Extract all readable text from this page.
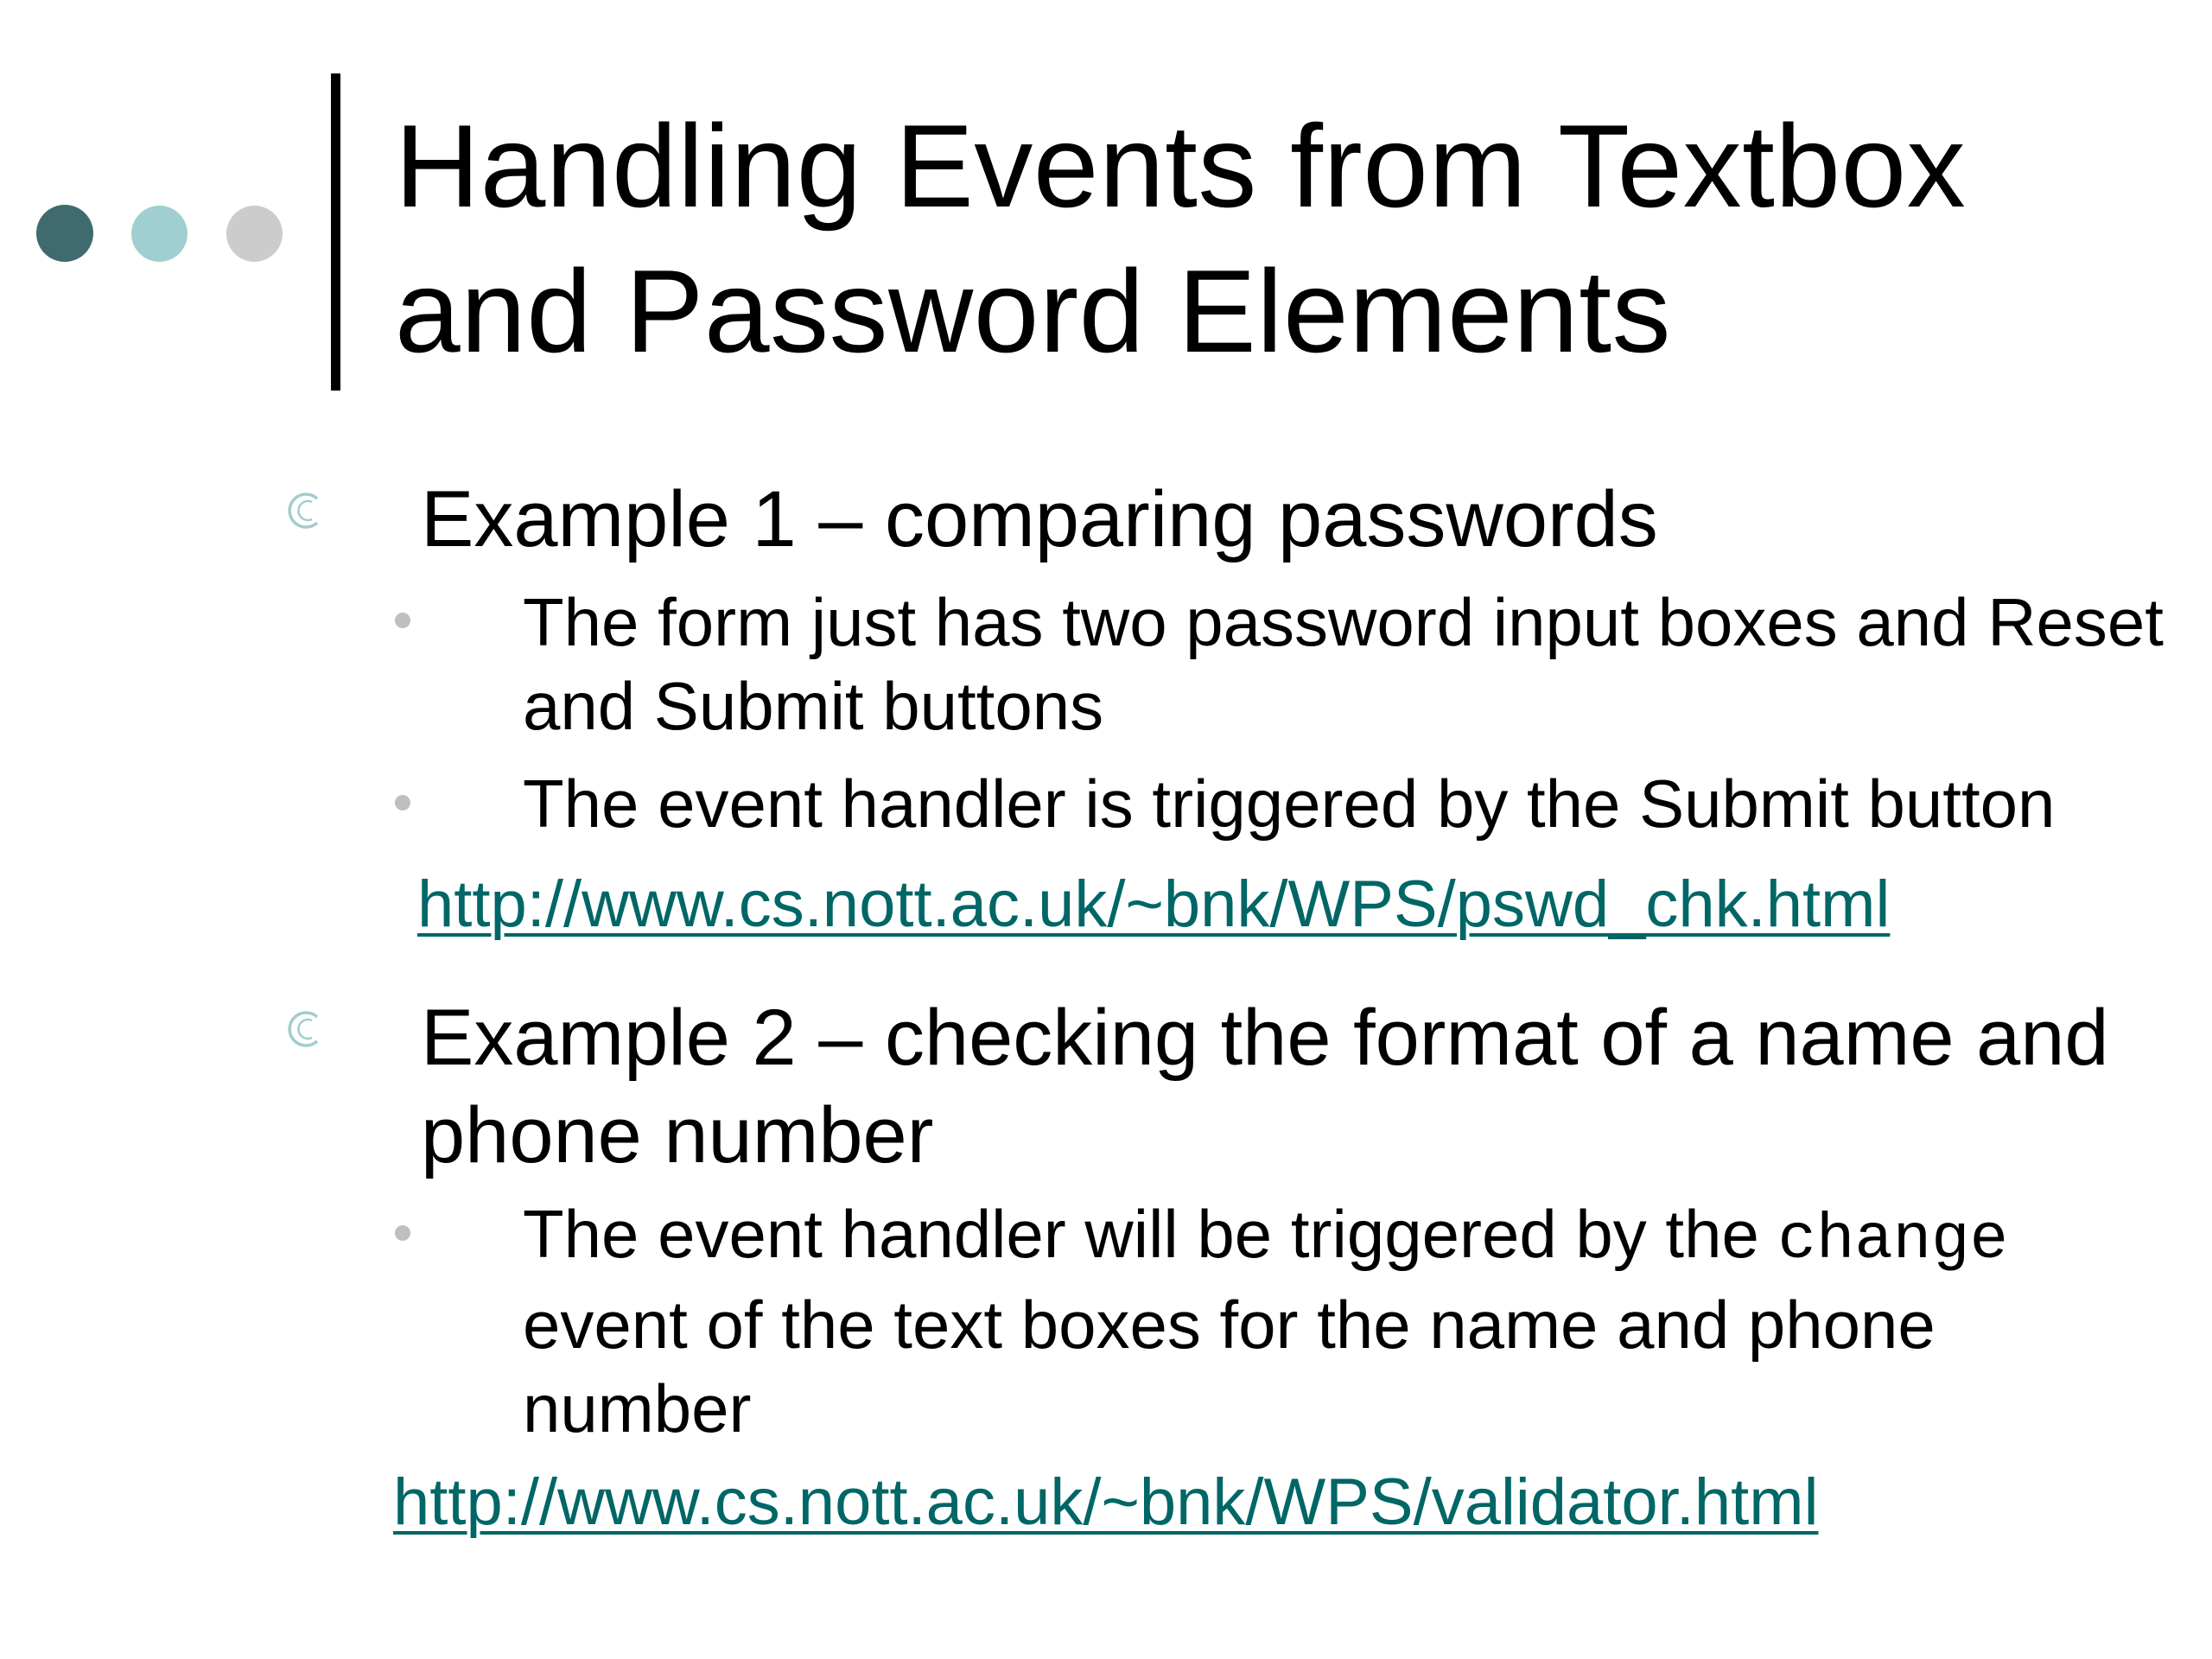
Handling Events from Textbox and Password Elements

Example 1 – comparing passwords

The form just has two password input boxes and Reset and Submit buttons

The event handler is triggered by the Submit button

http://www.cs.nott.ac.uk/~bnk/WPS/pswd_chk.html

Example 2 – checking the format of a name and phone number

The event handler will be triggered by the change event of the text boxes for the name and phone number

http://www.cs.nott.ac.uk/~bnk/WPS/validator.html
